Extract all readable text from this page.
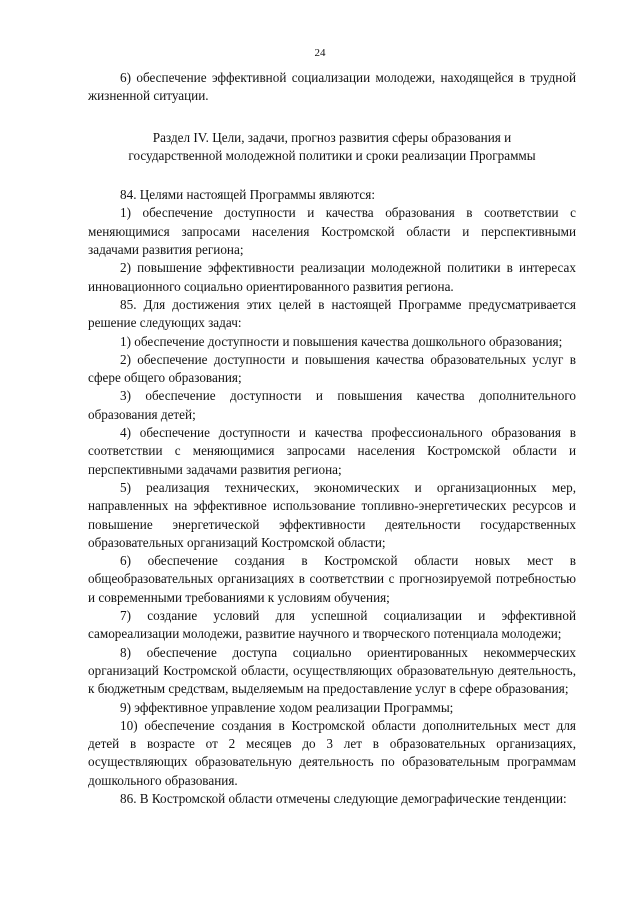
24

6) обеспечение эффективной социализации молодежи, находящейся в трудной жизненной ситуации.

Раздел IV. Цели, задачи, прогноз развития сферы образования и
государственной молодежной политики и сроки реализации Программы

84. Целями настоящей Программы являются:

1) обеспечение доступности и качества образования в соответствии с меняющимися запросами населения Костромской области и перспективными задачами развития региона;

2) повышение эффективности реализации молодежной политики в интересах инновационного социально ориентированного развития региона.

85. Для достижения этих целей в настоящей Программе предусматривается решение следующих задач:

1) обеспечение доступности и повышения качества дошкольного образования;

2) обеспечение доступности и повышения качества образовательных услуг в сфере общего образования;

3) обеспечение доступности и повышения качества дополнительного образования детей;

4) обеспечение доступности и качества профессионального образования в соответствии с меняющимися запросами населения Костромской области и перспективными задачами развития региона;

5) реализация технических, экономических и организационных мер, направленных на эффективное использование топливно-энергетических ресурсов и повышение энергетической эффективности деятельности государственных образовательных организаций Костромской области;

6) обеспечение создания в Костромской области новых мест в общеобразовательных организациях в соответствии с прогнозируемой потребностью и современными требованиями к условиям обучения;

7) создание условий для успешной социализации и эффективной самореализации молодежи, развитие научного и творческого потенциала молодежи;

8) обеспечение доступа социально ориентированных некоммерческих организаций Костромской области, осуществляющих образовательную деятельность, к бюджетным средствам, выделяемым на предоставление услуг в сфере образования;

9) эффективное управление ходом реализации Программы;

10) обеспечение создания в Костромской области дополнительных мест для детей в возрасте от 2 месяцев до 3 лет в образовательных организациях, осуществляющих образовательную деятельность по образовательным программам дошкольного образования.

86. В Костромской области отмечены следующие демографические тенденции:
